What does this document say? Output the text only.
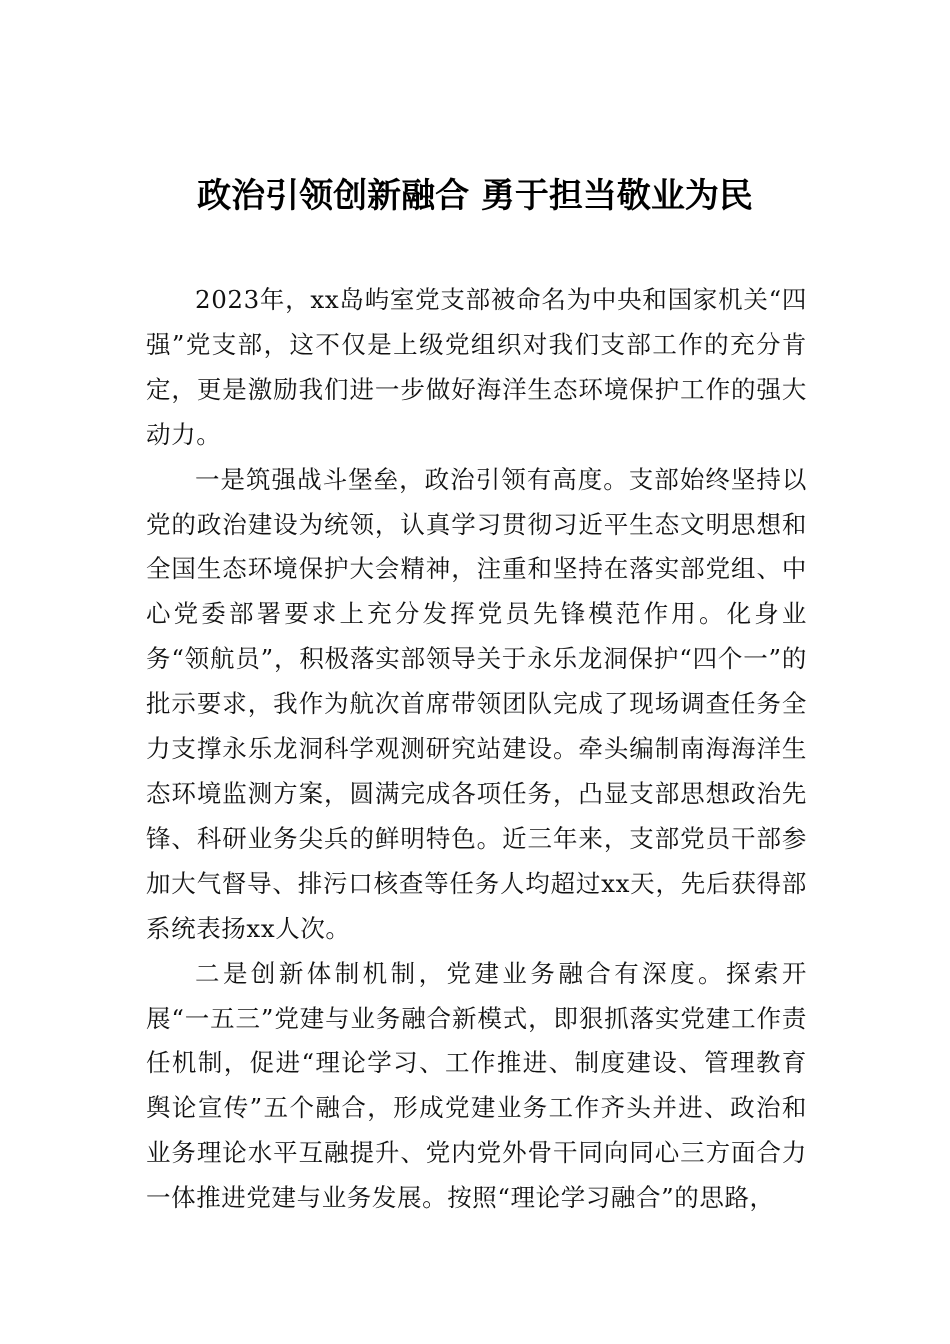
政治引领创新融合 勇于担当敬业为民

2023年，xx岛屿室党支部被命名为中央和国家机关“四强”党支部，这不仅是上级党组织对我们支部工作的充分肯定，更是激励我们进一步做好海洋生态环境保护工作的强大动力。

一是筑强战斗堡垒，政治引领有高度。支部始终坚持以党的政治建设为统领，认真学习贯彻习近平生态文明思想和全国生态环境保护大会精神，注重和坚持在落实部党组、中心党委部署要求上充分发挥党员先锋模范作用。化身业务“领航员”，积极落实部领导关于永乐龙洞保护“四个一”的批示要求，我作为航次首席带领团队完成了现场调查任务全力支撑永乐龙洞科学观测研究站建设。牵头编制南海海洋生态环境监测方案，圆满完成各项任务，凸显支部思想政治先锋、科研业务尖兵的鲜明特色。近三年来，支部党员干部参加大气督导、排污口核查等任务人均超过xx天，先后获得部系统表扬xx人次。

二是创新体制机制，党建业务融合有深度。探索开展“一五三”党建与业务融合新模式，即狠抓落实党建工作责任机制，促进“理论学习、工作推进、制度建设、管理教育舆论宣传”五个融合，形成党建业务工作齐头并进、政治和业务理论水平互融提升、党内党外骨干同向同心三方面合力一体推进党建与业务发展。按照“理论学习融合”的思路，
